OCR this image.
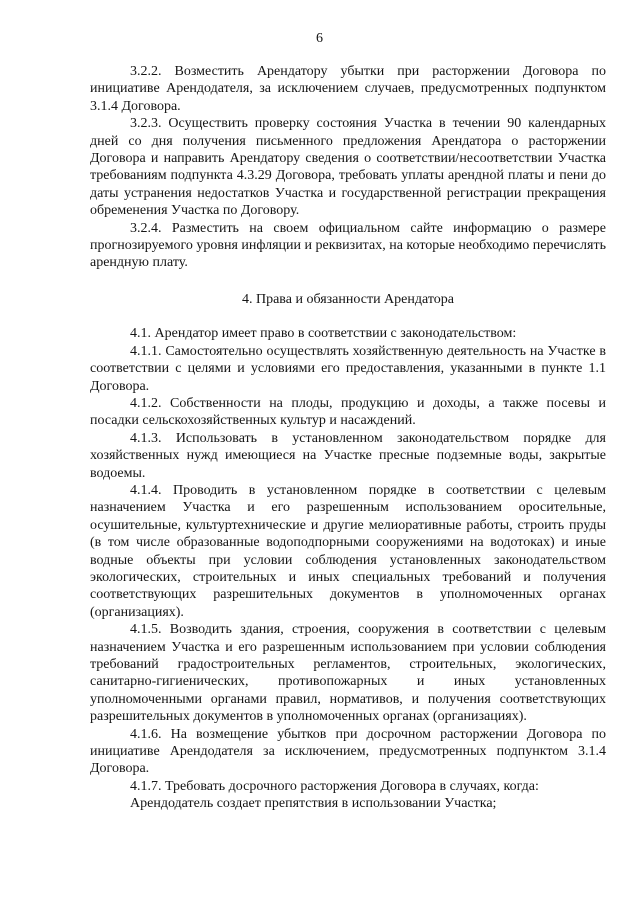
6

3.2.2. Возместить Арендатору убытки при расторжении Договора по инициативе Арендодателя, за исключением случаев, предусмотренных подпунктом 3.1.4 Договора.

3.2.3. Осуществить проверку состояния Участка в течении 90 календарных дней со дня получения письменного предложения Арендатора о расторжении Договора и направить Арендатору сведения о соответствии/несоответствии Участка требованиям подпункта 4.3.29 Договора, требовать уплаты арендной платы и пени до даты устранения недостатков Участка и государственной регистрации прекращения обременения Участка по Договору.

3.2.4. Разместить на своем официальном сайте информацию о размере прогнозируемого уровня инфляции и реквизитах, на которые необходимо перечислять арендную плату.

4. Права и обязанности Арендатора

4.1. Арендатор имеет право в соответствии с законодательством:

4.1.1. Самостоятельно осуществлять хозяйственную деятельность на Участке в соответствии с целями и условиями его предоставления, указанными в пункте 1.1 Договора.

4.1.2. Собственности на плоды, продукцию и доходы, а также посевы и посадки сельскохозяйственных культур и насаждений.

4.1.3. Использовать в установленном законодательством порядке для хозяйственных нужд имеющиеся на Участке пресные подземные воды, закрытые водоемы.

4.1.4. Проводить в установленном порядке в соответствии с целевым назначением Участка и его разрешенным использованием оросительные, осушительные, культуртехнические и другие мелиоративные работы, строить пруды (в том числе образованные водоподпорными сооружениями на водотоках) и иные водные объекты при условии соблюдения установленных законодательством экологических, строительных и иных специальных требований и получения соответствующих разрешительных документов в уполномоченных органах (организациях).

4.1.5. Возводить здания, строения, сооружения в соответствии с целевым назначением Участка и его разрешенным использованием при условии соблюдения требований градостроительных регламентов, строительных, экологических, санитарно-гигиенических, противопожарных и иных установленных уполномоченными органами правил, нормативов, и получения соответствующих разрешительных документов в уполномоченных органах (организациях).

4.1.6. На возмещение убытков при досрочном расторжении Договора по инициативе Арендодателя за исключением, предусмотренных подпунктом 3.1.4 Договора.

4.1.7. Требовать досрочного расторжения Договора в случаях, когда:

Арендодатель создает препятствия в использовании Участка;
